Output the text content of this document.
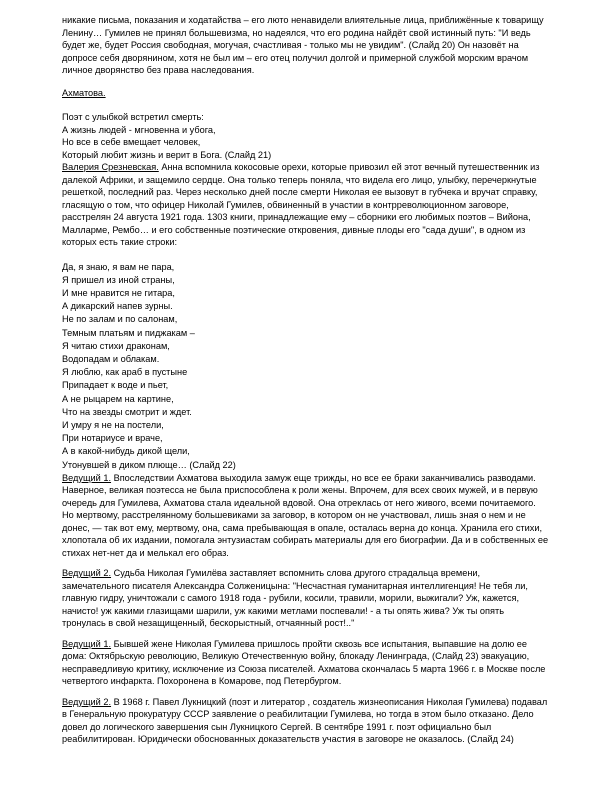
никакие письма, показания и ходатайства – его люто ненавидели влиятельные лица, приближённые к товарищу Ленину… Гумилев не принял большевизма, но надеялся, что его родина найдёт свой истинный путь: "И ведь будет же, будет Россия свободная, могучая, счастливая - только мы не увидим". (Слайд 20) Он назовёт на допросе себя дворянином, хотя не был им – его отец получил долгой и примерной службой морским врачом личное дворянство без права наследования.

Ахматова.

Поэт с улыбкой встретил смерть:
А жизнь людей - мгновенна и убога,
Но все в себе вмещает человек,
Который любит жизнь и верит в Бога. (Слайд 21)

Валерия Срезневская. Анна вспомнила кокосовые орехи, которые привозил ей этот вечный путешественник из далекой Африки, и защемило сердце. Она только теперь поняла, что видела его лицо, улыбку, перечеркнутые решеткой, последний раз. Через несколько дней после смерти Николая ее вызовут в губчека и вручат справку, гласящую о том, что офицер Николай Гумилев, обвиненный в участии в контрреволюционном заговоре, расстрелян 24 августа 1921 года. 1303 книги, принадлежащие ему – сборники его любимых поэтов – Вийона, Малларме, Рембо… и его собственные поэтические откровения, дивные плоды его "сада души", в одном из которых есть такие строки:

Да, я знаю, я вам не пара,
Я пришел из иной страны,
И мне нравится не гитара,
А дикарский напев зурны.
Не по залам и по салонам,
Темным платьям и пиджакам –
Я читаю стихи драконам,
Водопадам и облакам.
Я люблю, как араб в пустыне
Припадает к воде и пьет,
А не рыцарем на картине,
Что на звезды смотрит и ждет.
И умру я не на постели,
При нотариусе и враче,
А в какой-нибудь дикой щели,
Утонувшей в диком плюще… (Слайд 22)

Ведущий 1. Впоследствии Ахматова выходила замуж еще трижды, но все ее браки заканчивались разводами. Наверное, великая поэтесса не была приспособлена к роли жены. Впрочем, для всех своих мужей, и в первую очередь для Гумилева, Ахматова стала идеальной вдовой. Она отреклась от него живого, всеми почитаемого. Но мертвому, расстрелянному большевиками за заговор, в котором он не участвовал, лишь зная о нем и не донес, — так вот ему, мертвому, она, сама пребывающая в опале, осталась верна до конца. Хранила его стихи, хлопотала об их издании, помогала энтузиастам собирать материалы для его биографии. Да и в собственных ее стихах нет-нет да и мелькал его образ.

Ведущий 2. Судьба Николая Гумилёва заставляет вспомнить слова другого страдальца времени, замечательного писателя Александра Солженицына: "Несчастная гуманитарная интеллигенция! Не тебя ли, главную гидру, уничтожали с самого 1918 года - рубили, косили, травили, морили, выжигали? Уж, кажется, начисто! уж какими глазищами шарили, уж какими метлами поспевали! - а ты опять жива? Уж ты опять тронулась в свой незащищенный, бескорыстный, отчаянный рост!.."

Ведущий 1. Бывшей жене Николая Гумилева пришлось пройти сквозь все испытания, выпавшие на долю ее дома: Октябрьскую революцию, Великую Отечественную войну, блокаду Ленинграда, (Слайд 23) эвакуацию, несправедливую критику, исключение из Союза писателей. Ахматова скончалась 5 марта 1966 г. в Москве после четвертого инфаркта. Похоронена в Комарове, под Петербургом.

Ведущий 2. В 1968 г. Павел Лукницкий (поэт и литератор , создатель жизнеописания Николая Гумилева) подавал в Генеральную прокуратуру СССР заявление о реабилитации Гумилева, но тогда в этом было отказано. Дело довел до логического завершения сын Лукницкого Сергей. В сентябре 1991 г. поэт официально был реабилитирован. Юридически обоснованных доказательств участия в заговоре не оказалось. (Слайд 24)
